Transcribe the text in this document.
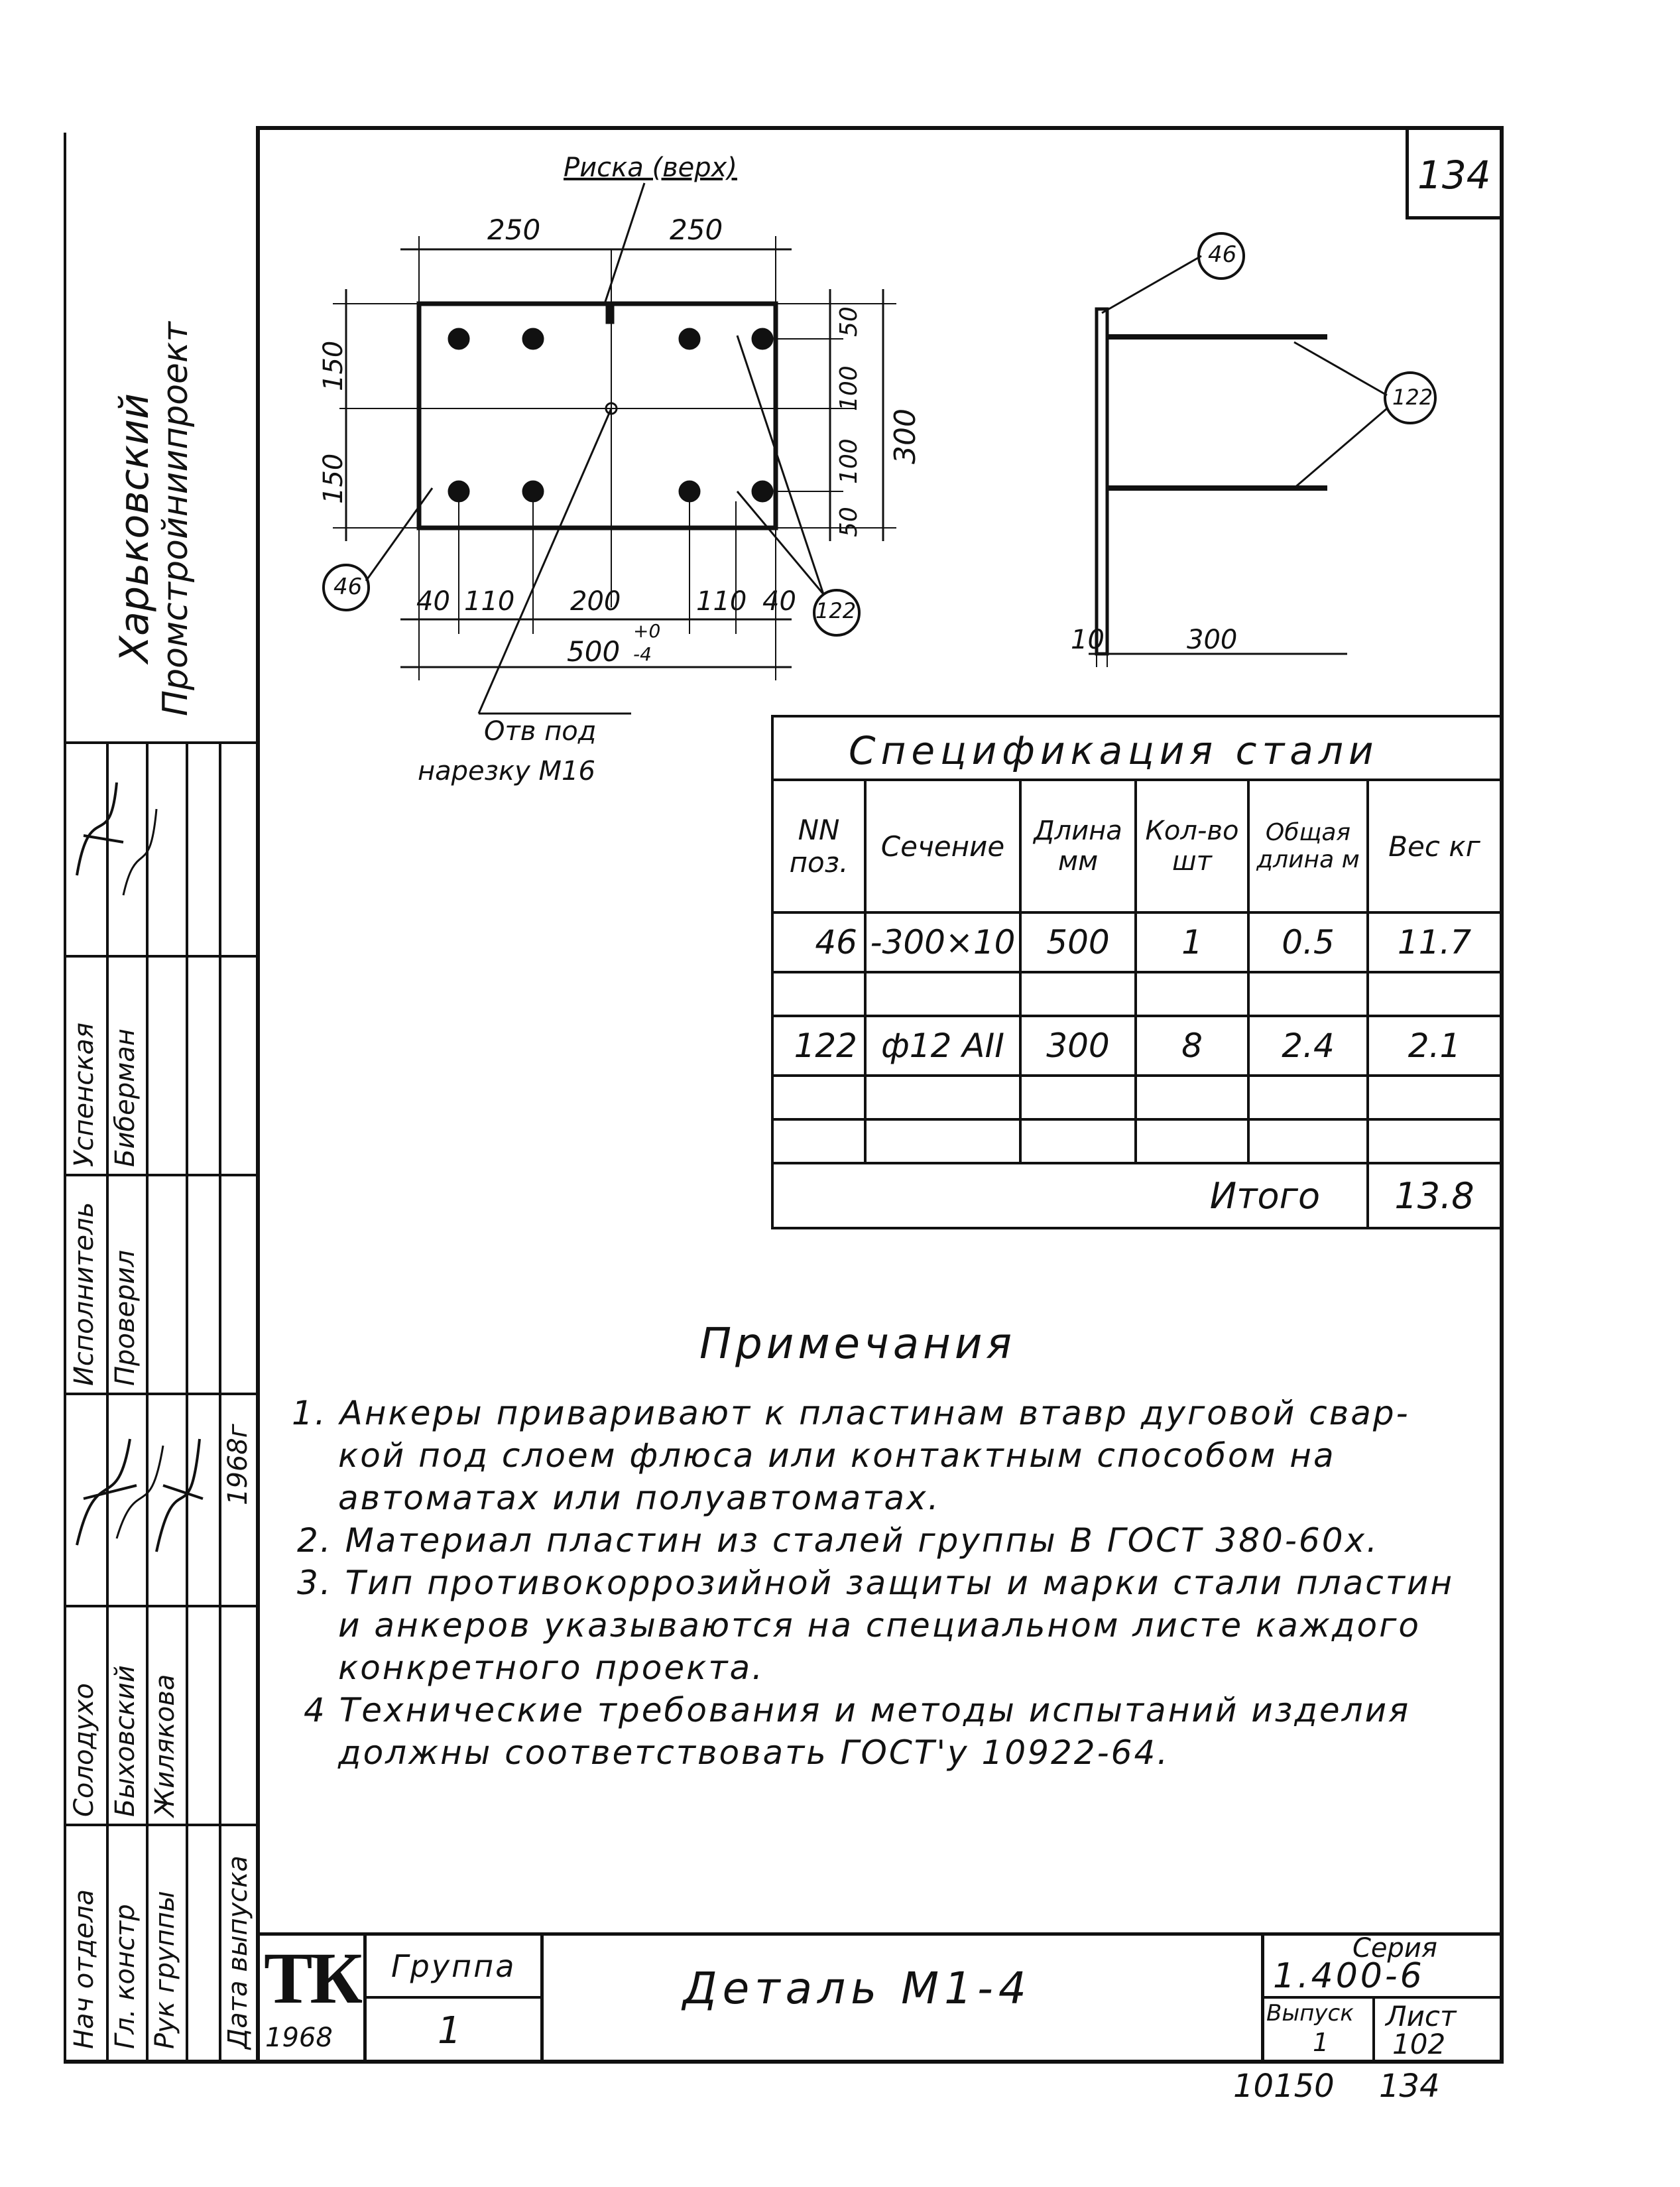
134
Харьковский
Промстройниипроект
Нач отдела Гл. констр Рук группы
Солодухо Быховский Жилякова
Исполнитель Проверил
Успенская Биберман
Дата выпуска
1968г
Риска (верх)
250	250
150
150
50
100
100
50
300
40 110 200	110 40
500
+0
-4
46
122
Отв под
нарезку М16
46
122
10	300
Спецификация стали
NN поз.	Сечение	Длина мм	Кол-во шт	Общая длина м	Вес кг
46	-300×10	500	1	0.5	11.7

122	ф12 АII	300	8	2.4	2.1

Итого					13.8
Примечания
1. Анкеры приваривают к пластинам втавр дуговой свар-
кой под слоем флюса или контактным способом на
автоматах или полуавтоматах.
2. Материал пластин из сталей группы В ГОСТ 380-60х.
3. Тип противокоррозийной защиты и марки стали пластин
и анкеров указываются на специальном листе каждого
конкретного проекта.
4 Технические требования и методы испытаний изделия
должны соответствовать ГОСТ'у 10922-64.
ТК
1968
Группа
1
Деталь М1-4
Серия
1.400-6
Выпуск
1
Лист
102
10150 134
